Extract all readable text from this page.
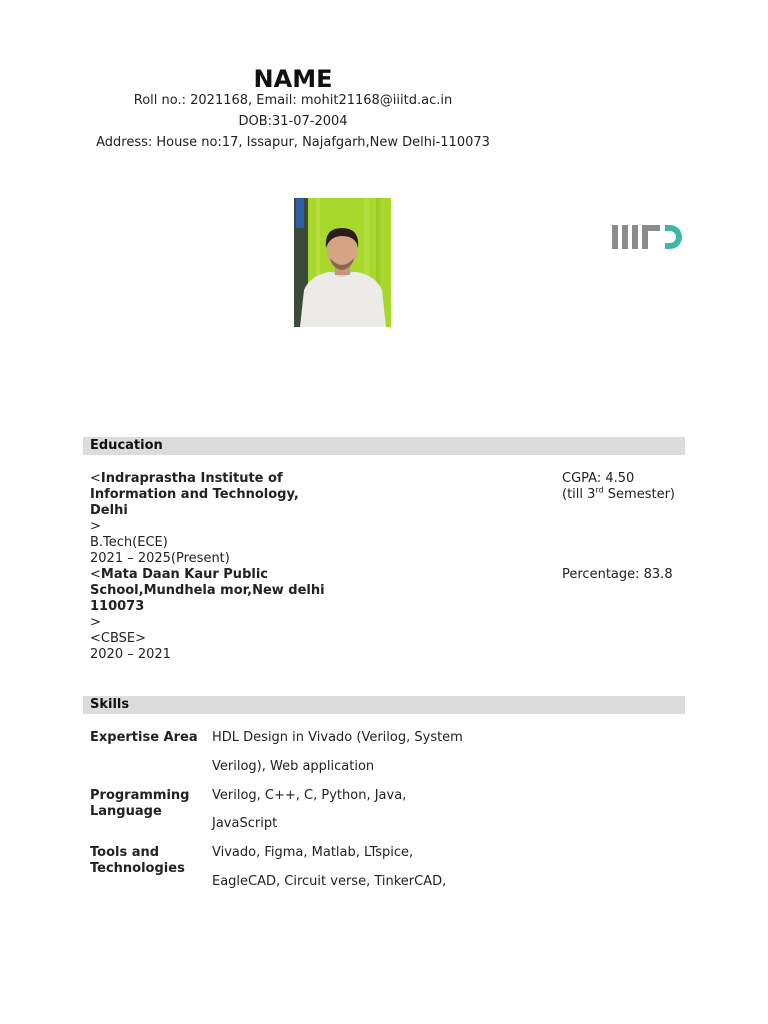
NAME
Roll no.: 2021168, Email: mohit21168@iiitd.ac.in
DOB:31-07-2004
Address: House no:17, Issapur, Najafgarh,New Delhi-110073
Education
<Indraprastha Institute of
Information and Technology,
Delhi
>
B.Tech(ECE)
2021 – 2025(Present)
CGPA: 4.50
(till 3rd Semester)
<Mata Daan Kaur Public
School,Mundhela mor,New delhi
110073
>
<CBSE>
2020 – 2021
Percentage: 83.8
Skills
Expertise Area	HDL Design in Vivado (Verilog, System
Verilog), Web application
Programming
Language
Verilog, C++, C, Python, Java,
JavaScript
Tools and
Technologies
Vivado, Figma, Matlab, LTspice,
EagleCAD, Circuit verse, TinkerCAD,
